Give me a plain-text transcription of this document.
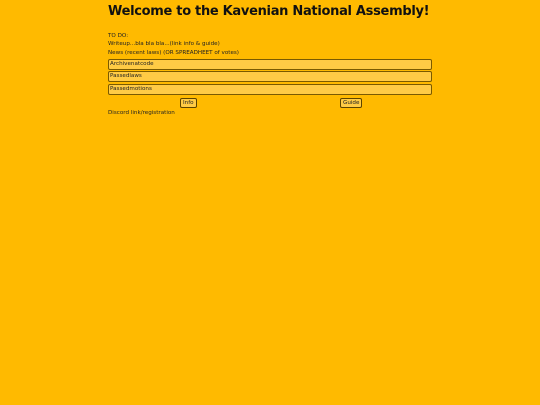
Welcome to the Kavenian National Assembly!
TO DO:
Writeup...bla bla bla...(link info & guide)
News (recent laws) (OR SPREADHEET of votes)
Archivenatcode
Passedlaws
Passedmotions
Info	Guide
Discord link/registration
